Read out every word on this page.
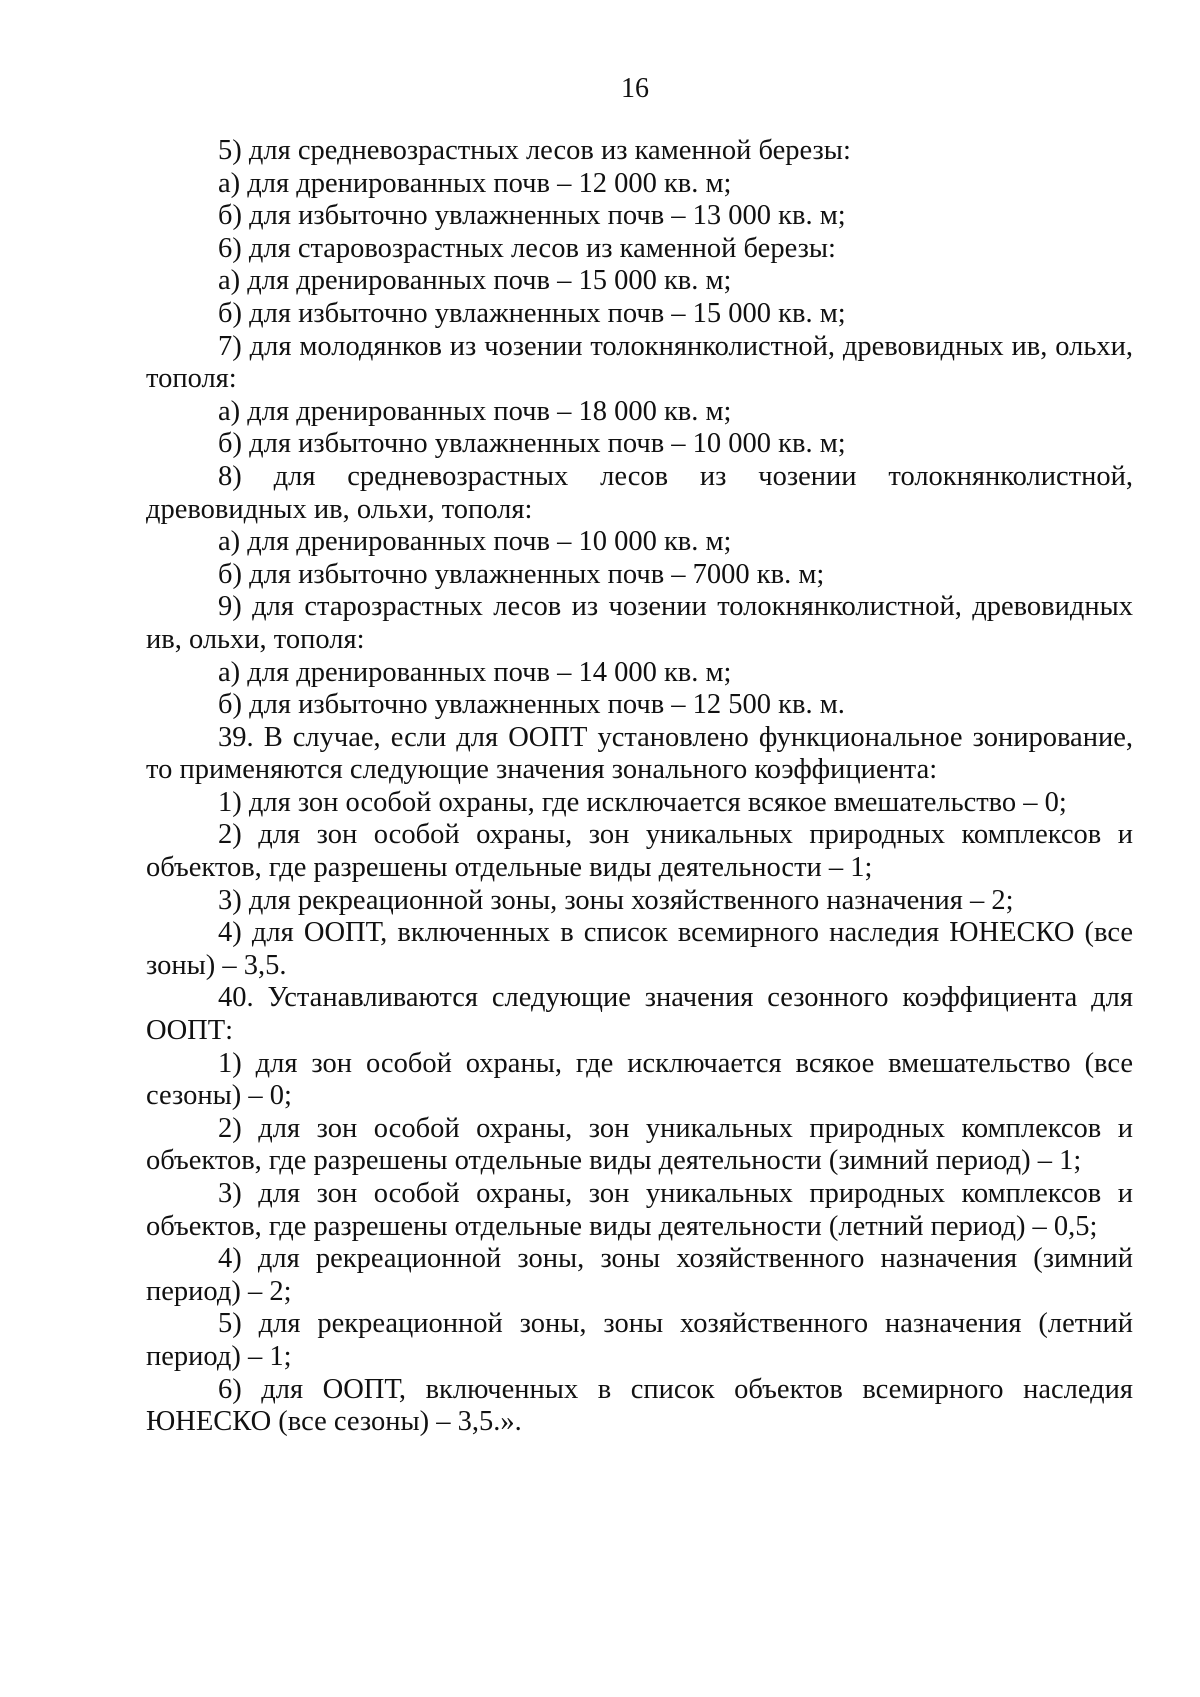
16

5) для средневозрастных лесов из каменной березы:

а) для дренированных почв – 12 000 кв. м;

б) для избыточно увлажненных почв – 13 000 кв. м;

6) для старовозрастных лесов из каменной березы:

а) для дренированных почв – 15 000 кв. м;

б) для избыточно увлажненных почв – 15 000 кв. м;

7) для молодянков из чозении толокнянколистной, древовидных ив, ольхи, тополя:

а) для дренированных почв – 18 000 кв. м;

б) для избыточно увлажненных почв – 10 000 кв. м;

8) для средневозрастных лесов из чозении толокнянколистной, древовидных ив, ольхи, тополя:

а) для дренированных почв – 10 000 кв. м;

б) для избыточно увлажненных почв – 7000 кв. м;

9) для старозрастных лесов из чозении толокнянколистной, древовидных ив, ольхи, тополя:

а) для дренированных почв – 14 000 кв. м;

б) для избыточно увлажненных почв – 12 500 кв. м.

39. В случае, если для ООПТ установлено функциональное зонирование, то применяются следующие значения зонального коэффициента:

1) для зон особой охраны, где исключается всякое вмешательство – 0;

2) для зон особой охраны, зон уникальных природных комплексов и объектов, где разрешены отдельные виды деятельности – 1;

3) для рекреационной зоны, зоны хозяйственного назначения – 2;

4) для ООПТ, включенных в список всемирного наследия ЮНЕСКО (все зоны) – 3,5.

40. Устанавливаются следующие значения сезонного коэффициента для ООПТ:

1) для зон особой охраны, где исключается всякое вмешательство (все сезоны) – 0;

2) для зон особой охраны, зон уникальных природных комплексов и объектов, где разрешены отдельные виды деятельности (зимний период) – 1;

3) для зон особой охраны, зон уникальных природных комплексов и объектов, где разрешены отдельные виды деятельности (летний период) – 0,5;

4) для рекреационной зоны, зоны хозяйственного назначения (зимний период) – 2;

5) для рекреационной зоны, зоны хозяйственного назначения (летний период) – 1;

6) для ООПТ, включенных в список объектов всемирного наследия ЮНЕСКО (все сезоны) – 3,5.».
